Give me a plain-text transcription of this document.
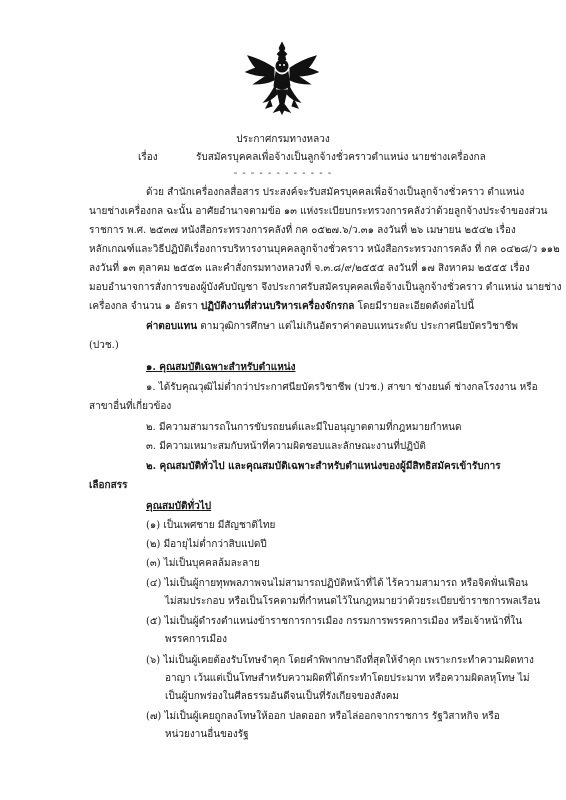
ประกาศกรมทางหลวง
เรื่อง	รับสมัครบุคคลเพื่อจ้างเป็นลูกจ้างชั่วคราวตำแหน่ง นายช่างเครื่องกล
- - - - - - - - - - - -
ด้วย สำนักเครื่องกลสื่อสาร ประสงค์จะรับสมัครบุคคลเพื่อจ้างเป็นลูกจ้างชั่วคราว ตำแหน่ง
นายช่างเครื่องกล ฉะนั้น อาศัยอำนาจตามข้อ ๑๓ แห่งระเบียบกระทรวงการคลังว่าด้วยลูกจ้างประจำของส่วน
ราชการ พ.ศ. ๒๕๓๗ หนังสือกระทรวงการคลังที่ กค ๐๕๒๗.๖/ว.๓๑ ลงวันที่ ๒๖ เมษายน ๒๕๔๒ เรื่อง
หลักเกณฑ์และวิธีปฏิบัติเรื่องการบริหารงานบุคคลลูกจ้างชั่วคราว หนังสือกระทรวงการคลัง ที่ กค ๐๔๒๘/ว ๑๑๒
ลงวันที่ ๑๓ ตุลาคม ๒๕๕๓ และคำสั่งกรมทางหลวงที่ จ.๓.๘/๙/๒๕๕๕ ลงวันที่ ๑๗ สิงหาคม ๒๕๕๕ เรื่อง
มอบอำนาจการสั่งการของผู้บังคับบัญชา จึงประกาศรับสมัครบุคคลเพื่อจ้างเป็นลูกจ้างชั่วคราว ตำแหน่ง นายช่าง
เครื่องกล จำนวน ๑ อัตรา ปฏิบัติงานที่ส่วนบริหารเครื่องจักรกล โดยมีรายละเอียดดังต่อไปนี้
ค่าตอบแทน ตามวุฒิการศึกษา แต่ไม่เกินอัตราค่าตอบแทนระดับ ประกาศนียบัตรวิชาชีพ
(ปวช.)
๑. คุณสมบัติเฉพาะสำหรับตำแหน่ง
๑. ได้รับคุณวุฒิไม่ต่ำกว่าประกาศนียบัตรวิชาชีพ (ปวช.) สาขา ช่างยนต์ ช่างกลโรงงาน หรือ
สาขาอื่นที่เกี่ยวข้อง
๒. มีความสามารถในการขับรถยนต์และมีใบอนุญาตตามที่กฎหมายกำหนด
๓. มีความเหมาะสมกับหน้าที่ความผิดชอบและลักษณะงานที่ปฏิบัติ
๒. คุณสมบัติทั่วไป และคุณสมบัติเฉพาะสำหรับตำแหน่งของผู้มีสิทธิสมัครเข้ารับการ
เลือกสรร
คุณสมบัติทั่วไป
(๑) เป็นเพศชาย มีสัญชาติไทย
(๒) มีอายุไม่ต่ำกว่าสิบแปดปี
(๓) ไม่เป็นบุคคลล้มละลาย
(๔) ไม่เป็นผู้กายทุพพลภาพจนไม่สามารถปฏิบัติหน้าที่ได้ ไร้ความสามารถ หรือจิตฟั่นเฟือน
ไม่สมประกอบ หรือเป็นโรคตามที่กำหนดไว้ในกฎหมายว่าด้วยระเบียบข้าราชการพลเรือน
(๕) ไม่เป็นผู้ดำรงตำแหน่งข้าราชการการเมือง กรรมการพรรคการเมือง หรือเจ้าหน้าที่ใน
พรรคการเมือง
(๖) ไม่เป็นผู้เคยต้องรับโทษจำคุก โดยคำพิพากษาถึงที่สุดให้จำคุก เพราะกระทำความผิดทาง
อาญา เว้นแต่เป็นโทษสำหรับความผิดที่ได้กระทำโดยประมาท หรือความผิดลหุโทษ ไม่
เป็นผู้บกพร่องในศีลธรรมอันดีจนเป็นที่รังเกียจของสังคม
(๗) ไม่เป็นผู้เคยถูกลงโทษให้ออก ปลดออก หรือไล่ออกจากราชการ รัฐวิสาหกิจ หรือ
หน่วยงานอื่นของรัฐ
